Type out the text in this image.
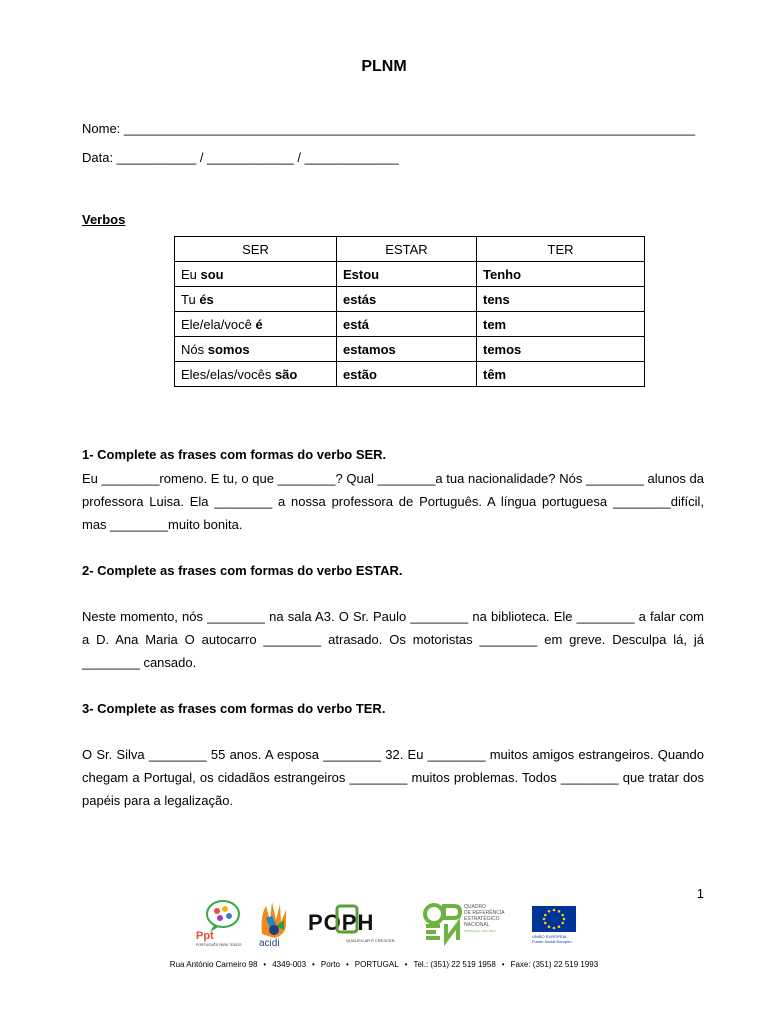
PLNM
Nome: _______________________________________________________________________________
Data: ___________ / ____________ / _____________
Verbos
SER	ESTAR	TER
Eu sou	Estou	Tenho
Tu és	estás	tens
Ele/ela/você é	está	tem
Nós somos	estamos	temos
Eles/elas/vocês são	estão	têm
1- Complete as frases com formas do verbo SER.
Eu ________romeno. E tu, o que ________? Qual ________a tua nacionalidade? Nós ________ alunos da professora Luisa. Ela ________ a nossa professora de Português. A língua portuguesa ________difícil, mas ________muito bonita.
2- Complete as frases com formas do verbo ESTAR.
Neste momento, nós ________ na sala A3. O Sr. Paulo ________ na biblioteca. Ele ________ a falar com a D. Ana Maria O autocarro ________ atrasado. Os motoristas ________ em greve. Desculpa lá, já ________ cansado.
3- Complete as frases com formas do verbo TER.
O Sr. Silva ________ 55 anos. A esposa ________ 32. Eu ________ muitos amigos estrangeiros. Quando chegam a Portugal, os cidadãos estrangeiros ________ muitos problemas. Todos ________ que tratar dos papéis para a legalização.
1
Ppt
PORTUGUÊS PARA TODOS acidi
POPH
QUALIFICAR É CRESCER.
QUADRO
DE REFERÊNCIA
ESTRATÉGICO
NACIONAL
PORTUGAL 2007-2013
UNIÃO EUROPEIA
Fundo Social Europeu
Rua António Carneiro 98 • 4349-003 • Porto • PORTUGAL • Tel.: (351) 22 519 1958 • Faxe: (351) 22 519 1993
